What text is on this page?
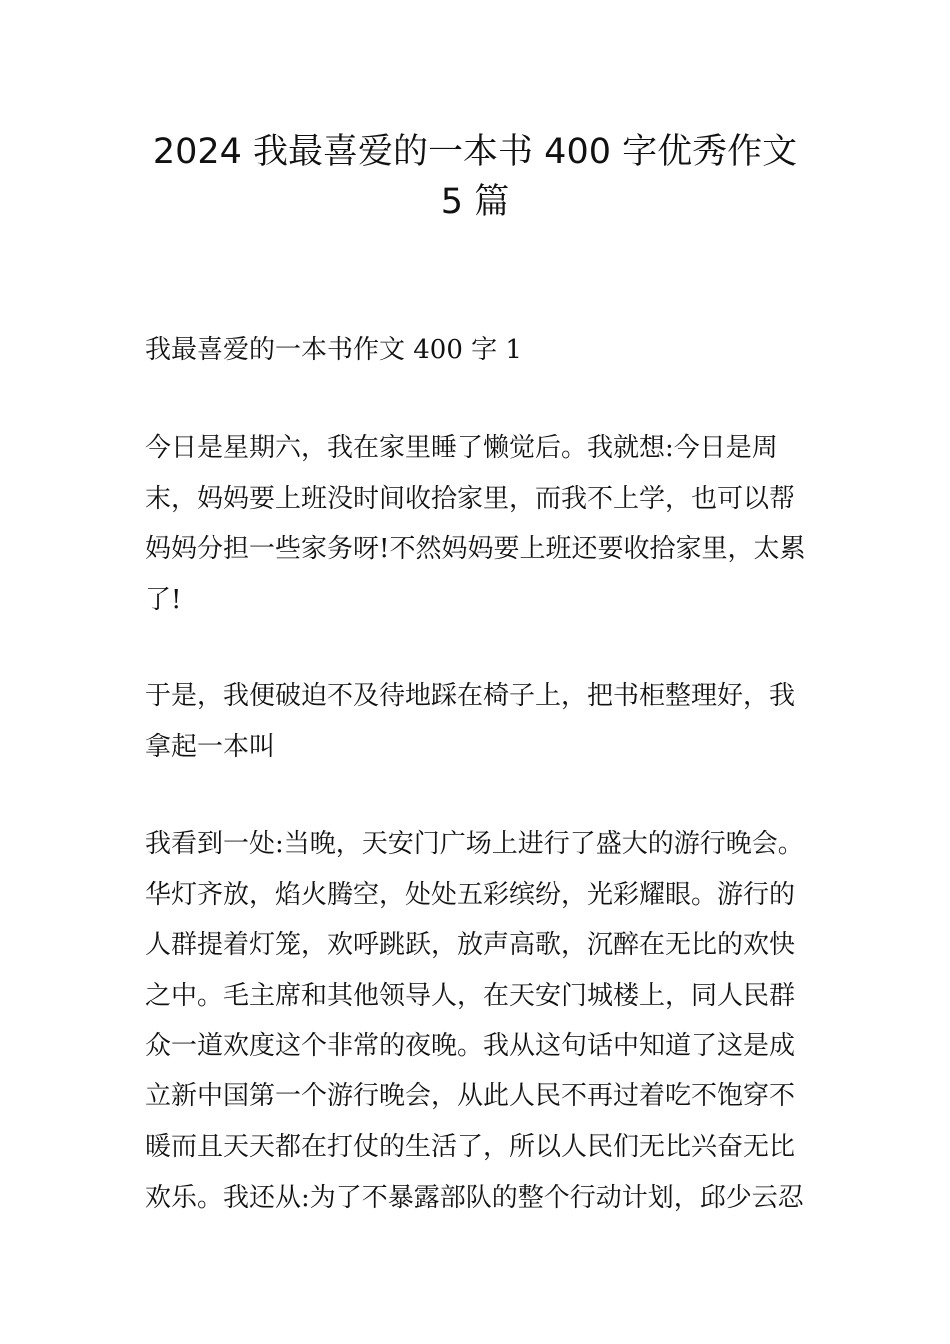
2024 我最喜爱的一本书 400 字优秀作文
5 篇

我最喜爱的一本书作文 400 字 1

今日是星期六，我在家里睡了懒觉后。我就想:今日是周

末，妈妈要上班没时间收拾家里，而我不上学，也可以帮

妈妈分担一些家务呀!不然妈妈要上班还要收拾家里，太累

了!

于是，我便破迫不及待地踩在椅子上，把书柜整理好，我

拿起一本叫

我看到一处:当晚，天安门广场上进行了盛大的游行晚会。

华灯齐放，焰火腾空，处处五彩缤纷，光彩耀眼。游行的

人群提着灯笼，欢呼跳跃，放声高歌，沉醉在无比的欢快

之中。毛主席和其他领导人，在天安门城楼上，同人民群

众一道欢度这个非常的夜晚。我从这句话中知道了这是成

立新中国第一个游行晚会，从此人民不再过着吃不饱穿不

暖而且天天都在打仗的生活了，所以人民们无比兴奋无比

欢乐。我还从:为了不暴露部队的整个行动计划，邱少云忍
